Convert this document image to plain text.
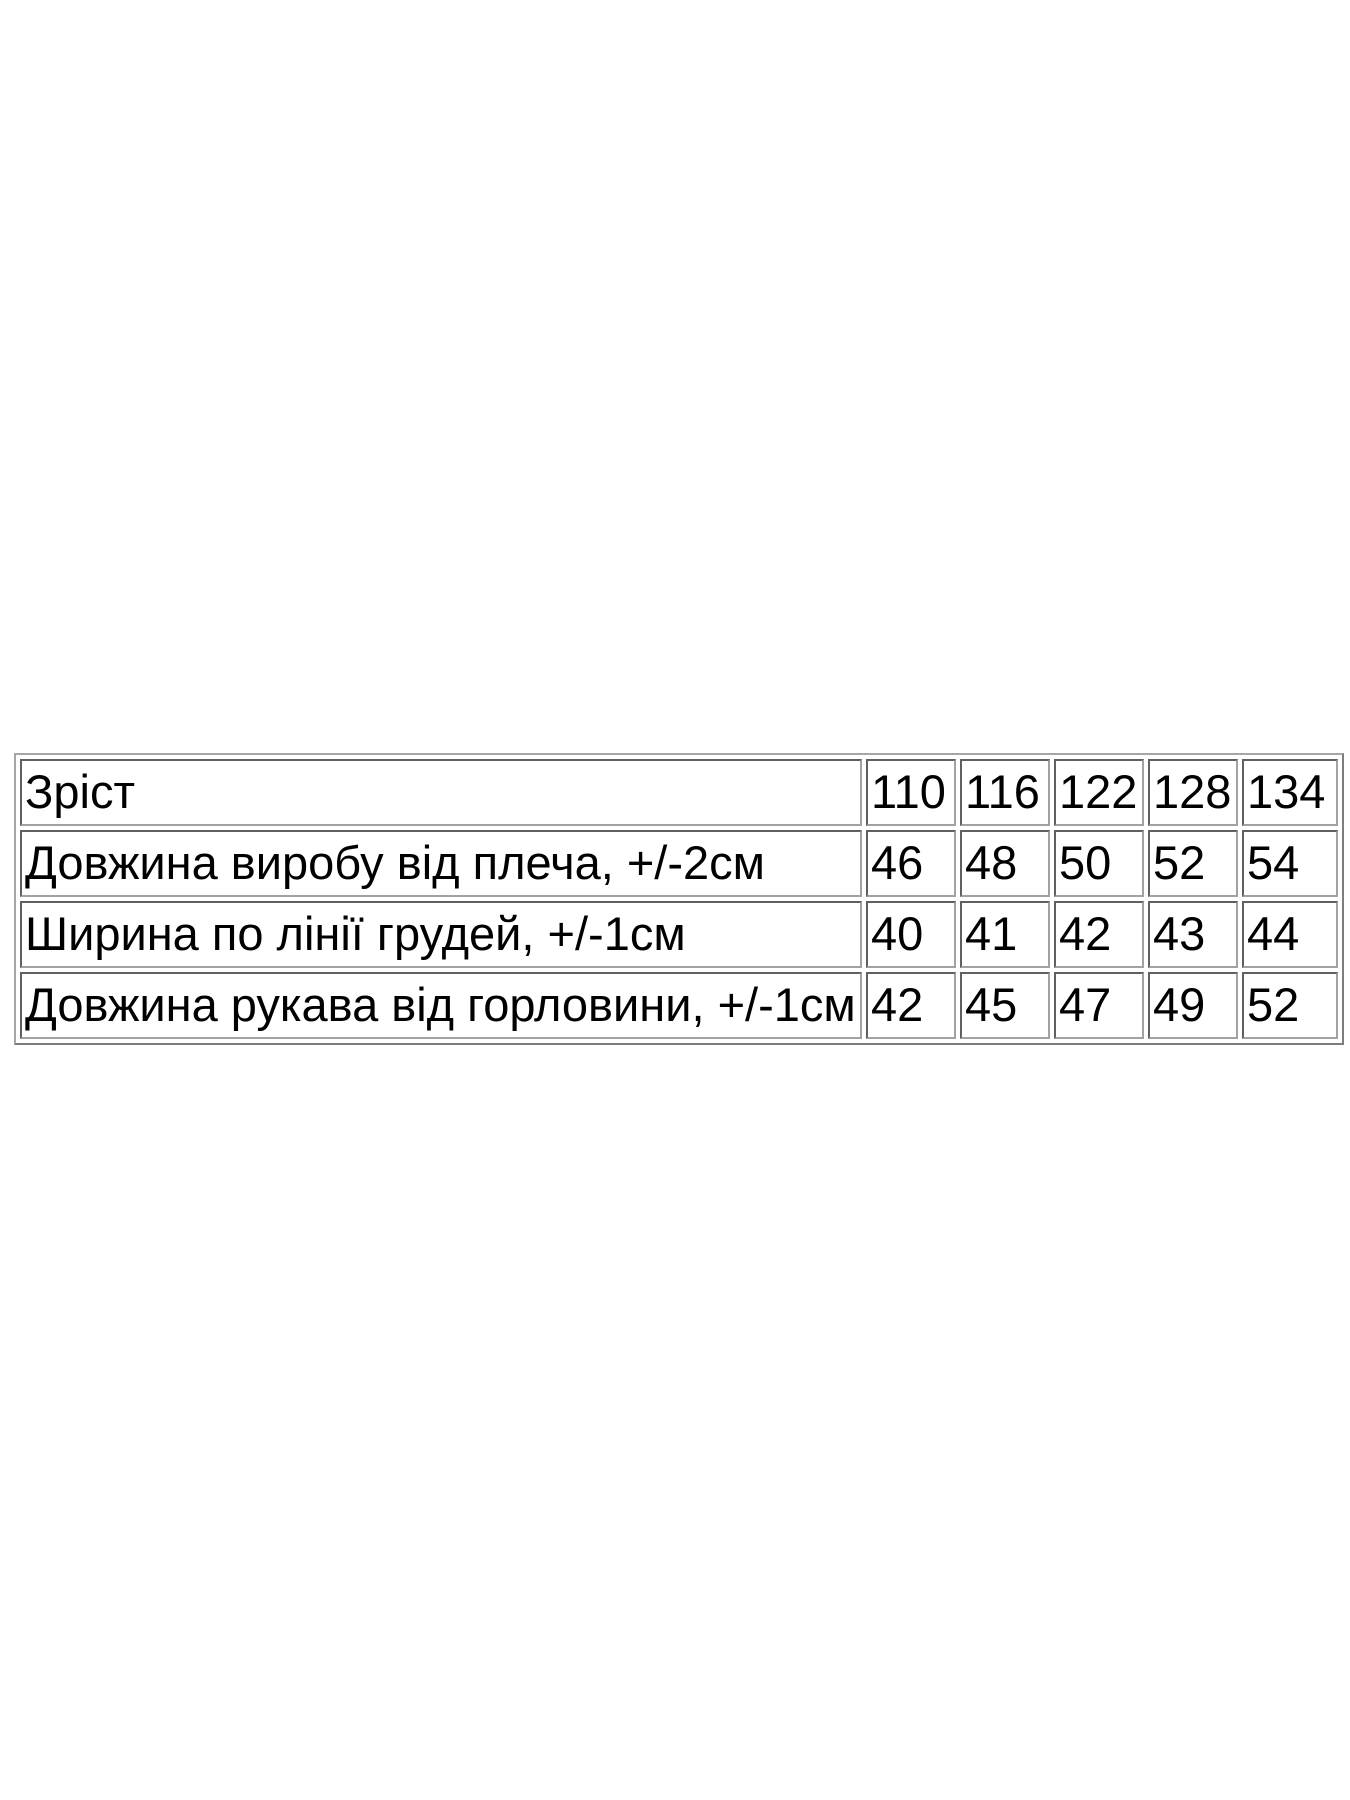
Зріст	110	116	122	128	134
Довжина виробу від плеча, +/-2см	46	48	50	52	54
Ширина по лінії грудей, +/-1см	40	41	42	43	44
Довжина рукава від горловини, +/-1см	42	45	47	49	52
